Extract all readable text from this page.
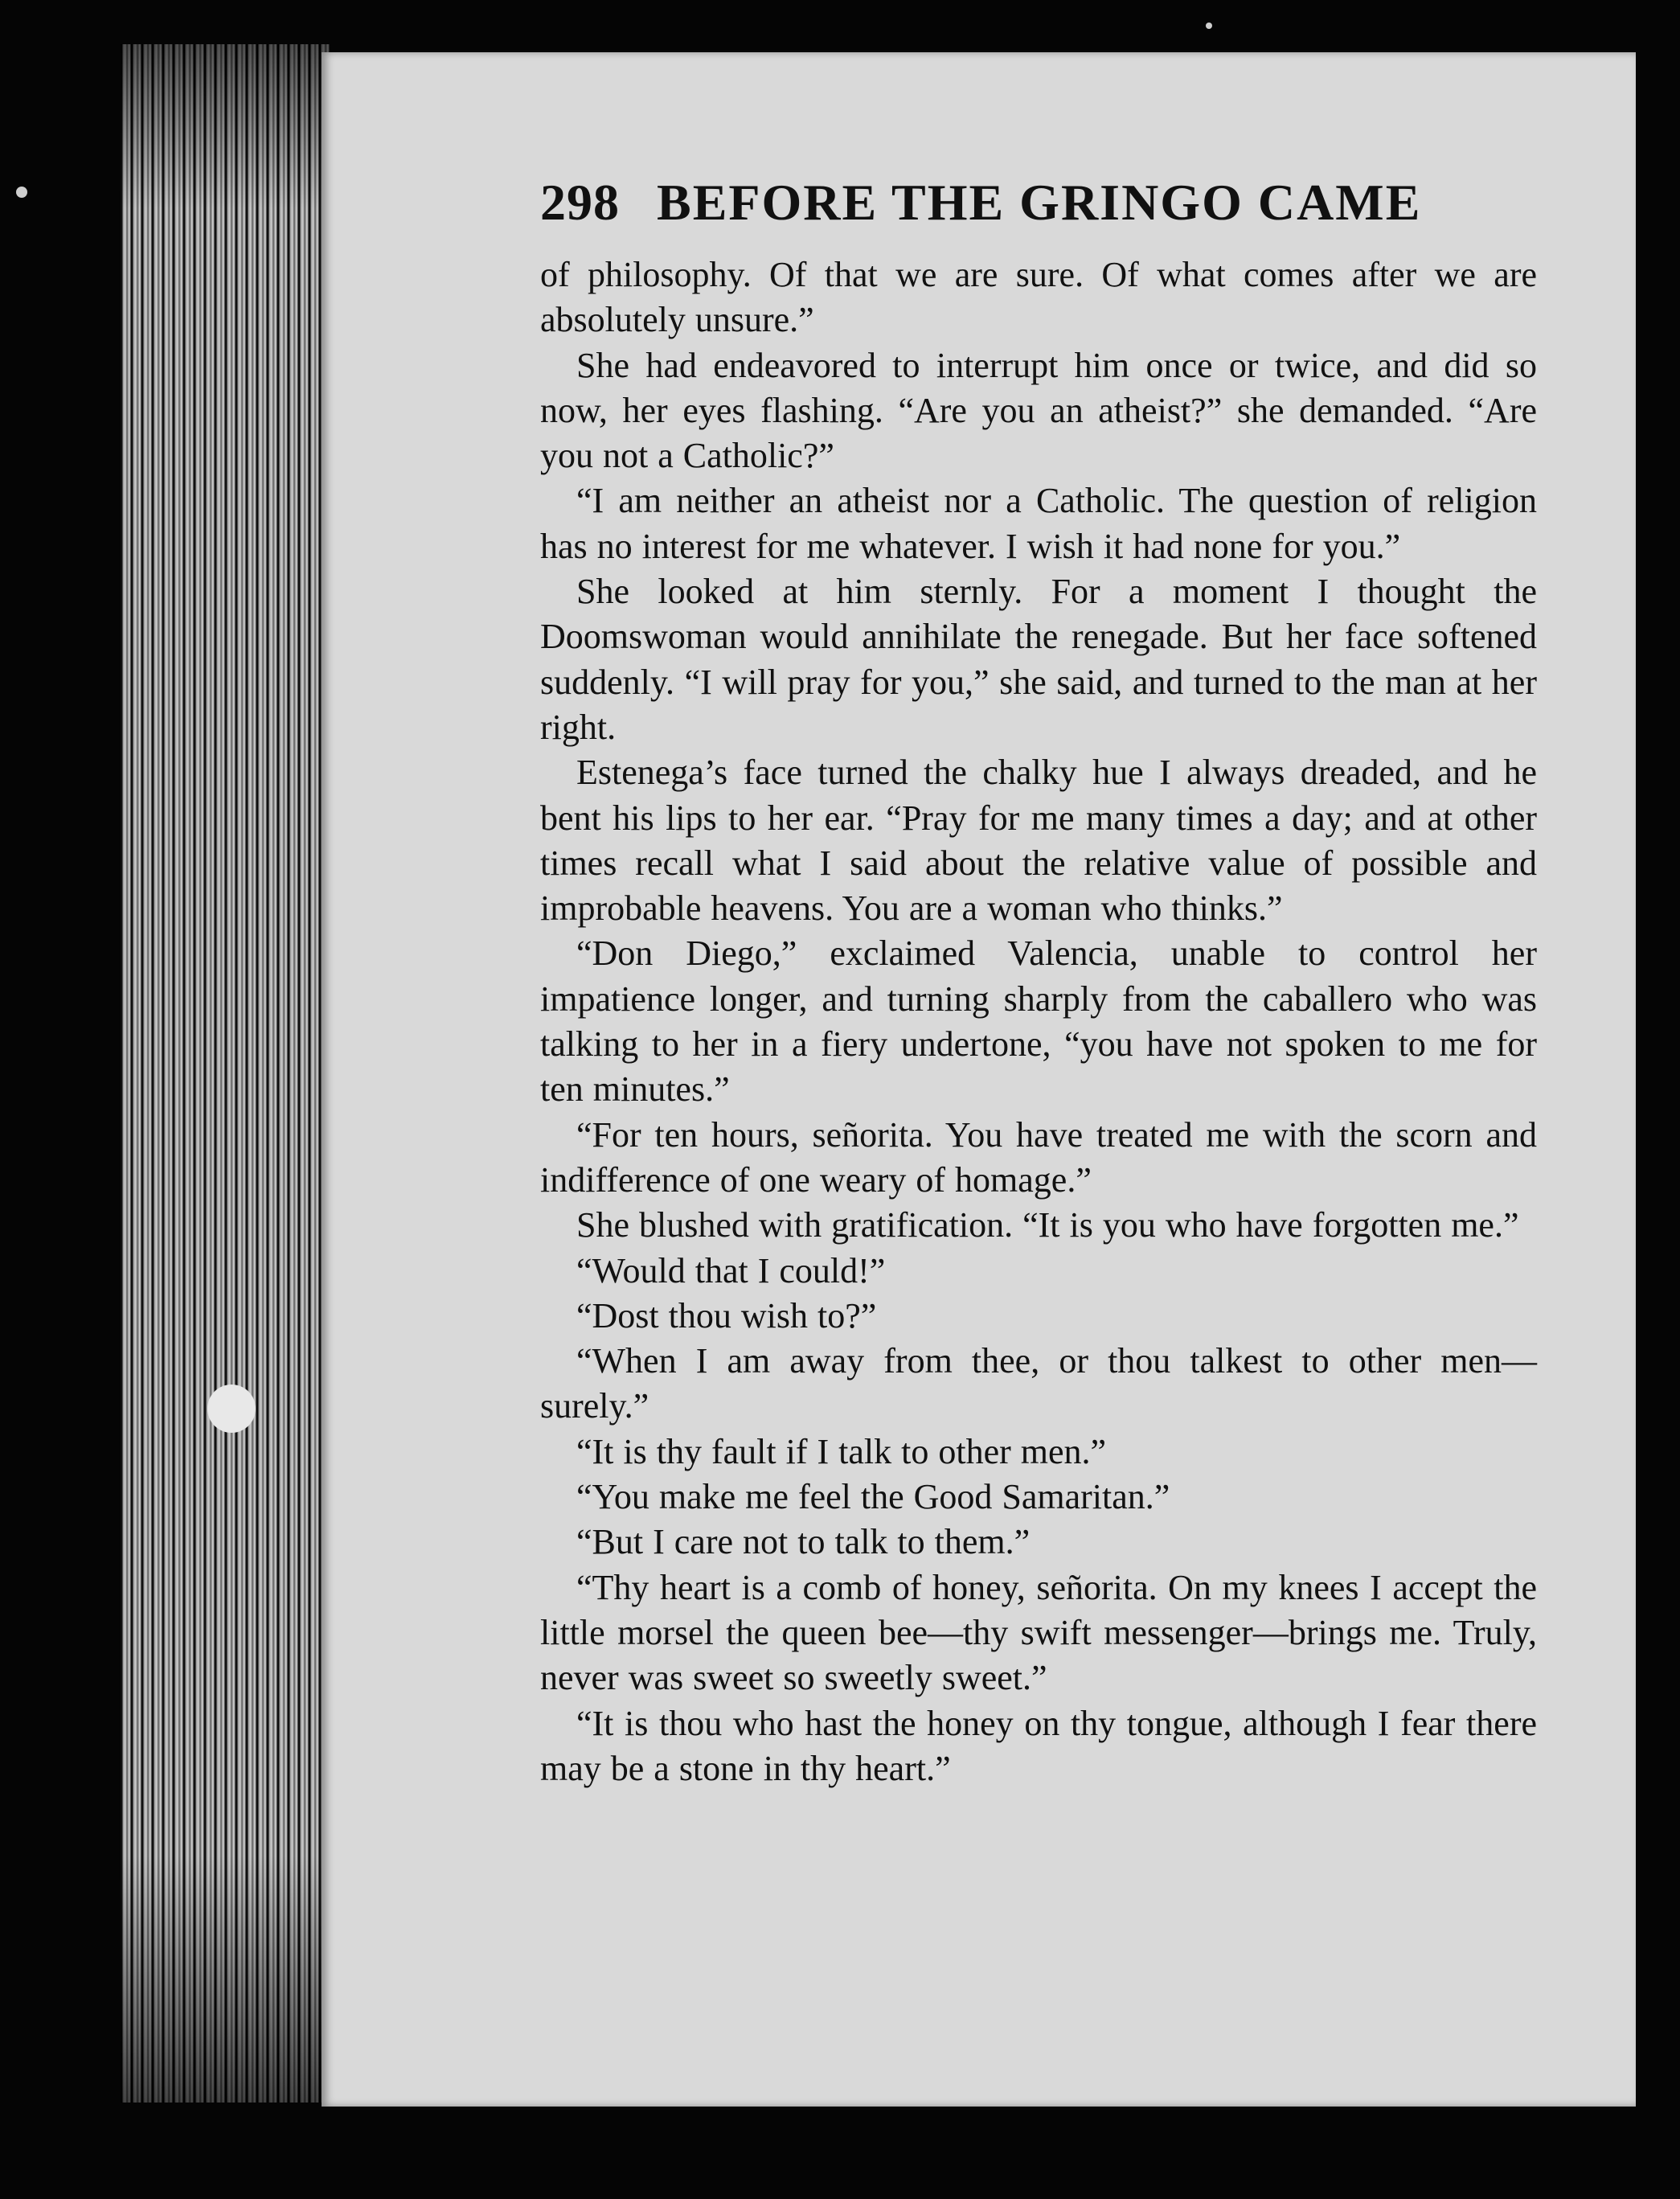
298 BEFORE THE GRINGO CAME

of philosophy. Of that we are sure. Of what comes after we are absolutely unsure.”

She had endeavored to interrupt him once or twice, and did so now, her eyes flashing. “Are you an atheist?” she demanded. “Are you not a Catholic?”

“I am neither an atheist nor a Catholic. The question of religion has no interest for me whatever. I wish it had none for you.”

She looked at him sternly. For a moment I thought the Doomswoman would annihilate the renegade. But her face softened suddenly. “I will pray for you,” she said, and turned to the man at her right.

Estenega’s face turned the chalky hue I always dreaded, and he bent his lips to her ear. “Pray for me many times a day; and at other times recall what I said about the relative value of possible and improbable heavens. You are a woman who thinks.”

“Don Diego,” exclaimed Valencia, unable to control her impatience longer, and turning sharply from the caballero who was talking to her in a fiery undertone, “you have not spoken to me for ten minutes.”

“For ten hours, señorita. You have treated me with the scorn and indifference of one weary of homage.”

She blushed with gratification. “It is you who have forgotten me.”

“Would that I could!”

“Dost thou wish to?”

“When I am away from thee, or thou talkest to other men—surely.”

“It is thy fault if I talk to other men.”

“You make me feel the Good Samaritan.”

“But I care not to talk to them.”

“Thy heart is a comb of honey, señorita. On my knees I accept the little morsel the queen bee—thy swift messenger—brings me. Truly, never was sweet so sweetly sweet.”

“It is thou who hast the honey on thy tongue, although I fear there may be a stone in thy heart.”
